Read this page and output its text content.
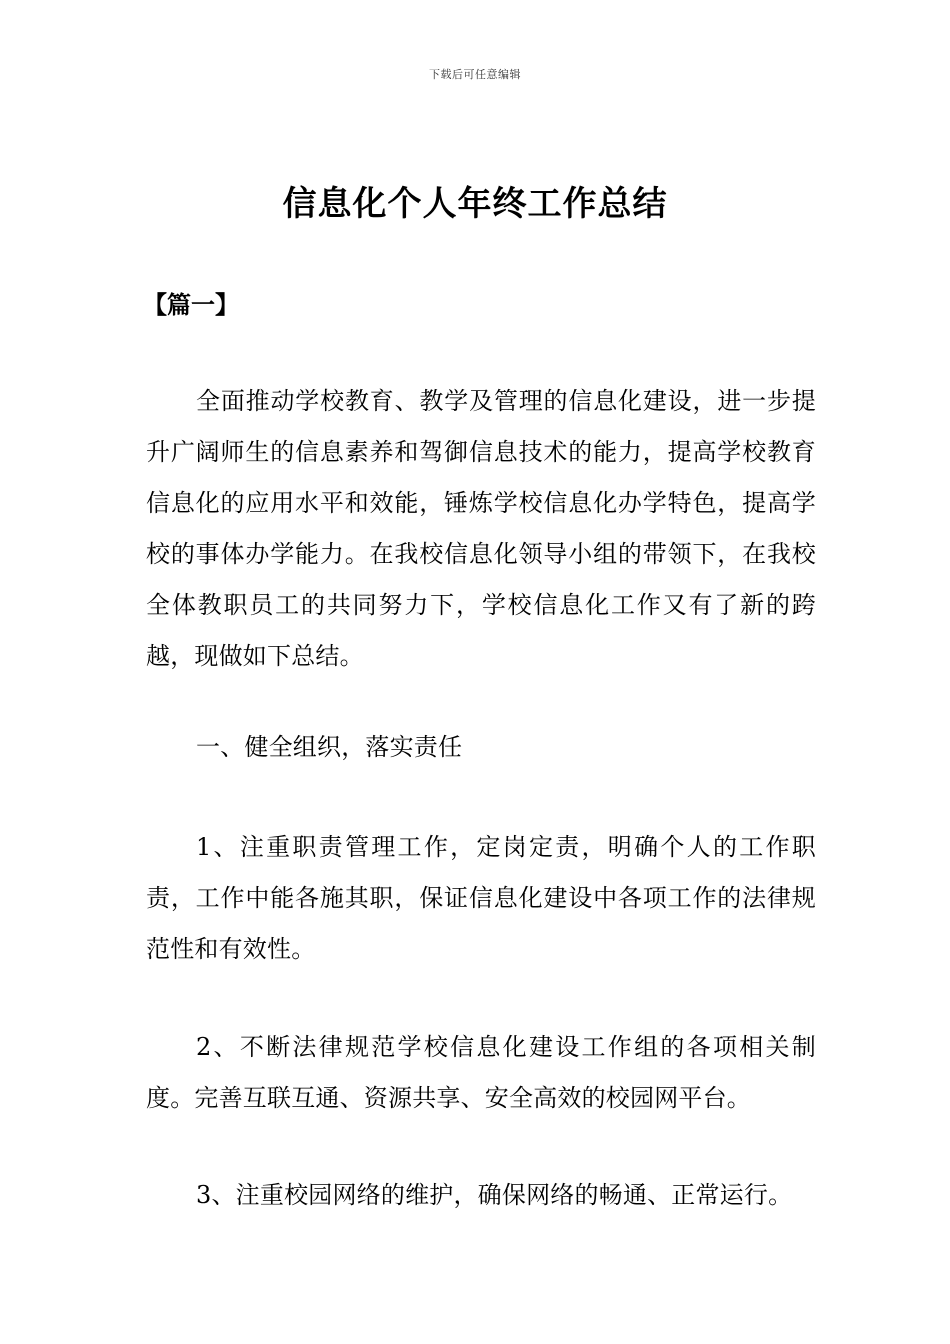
下载后可任意编辑
信息化个人年终工作总结
【篇一】

全面推动学校教育、教学及管理的信息化建设，进一步提升广阔师生的信息素养和驾御信息技术的能力，提高学校教育信息化的应用水平和效能，锤炼学校信息化办学特色，提高学校的事体办学能力。在我校信息化领导小组的带领下，在我校全体教职员工的共同努力下，学校信息化工作又有了新的跨越，现做如下总结。

一、健全组织，落实责任

1、注重职责管理工作，定岗定责，明确个人的工作职责，工作中能各施其职，保证信息化建设中各项工作的法律规范性和有效性。

2、不断法律规范学校信息化建设工作组的各项相关制度。完善互联互通、资源共享、安全高效的校园网平台。

3、注重校园网络的维护，确保网络的畅通、正常运行。
